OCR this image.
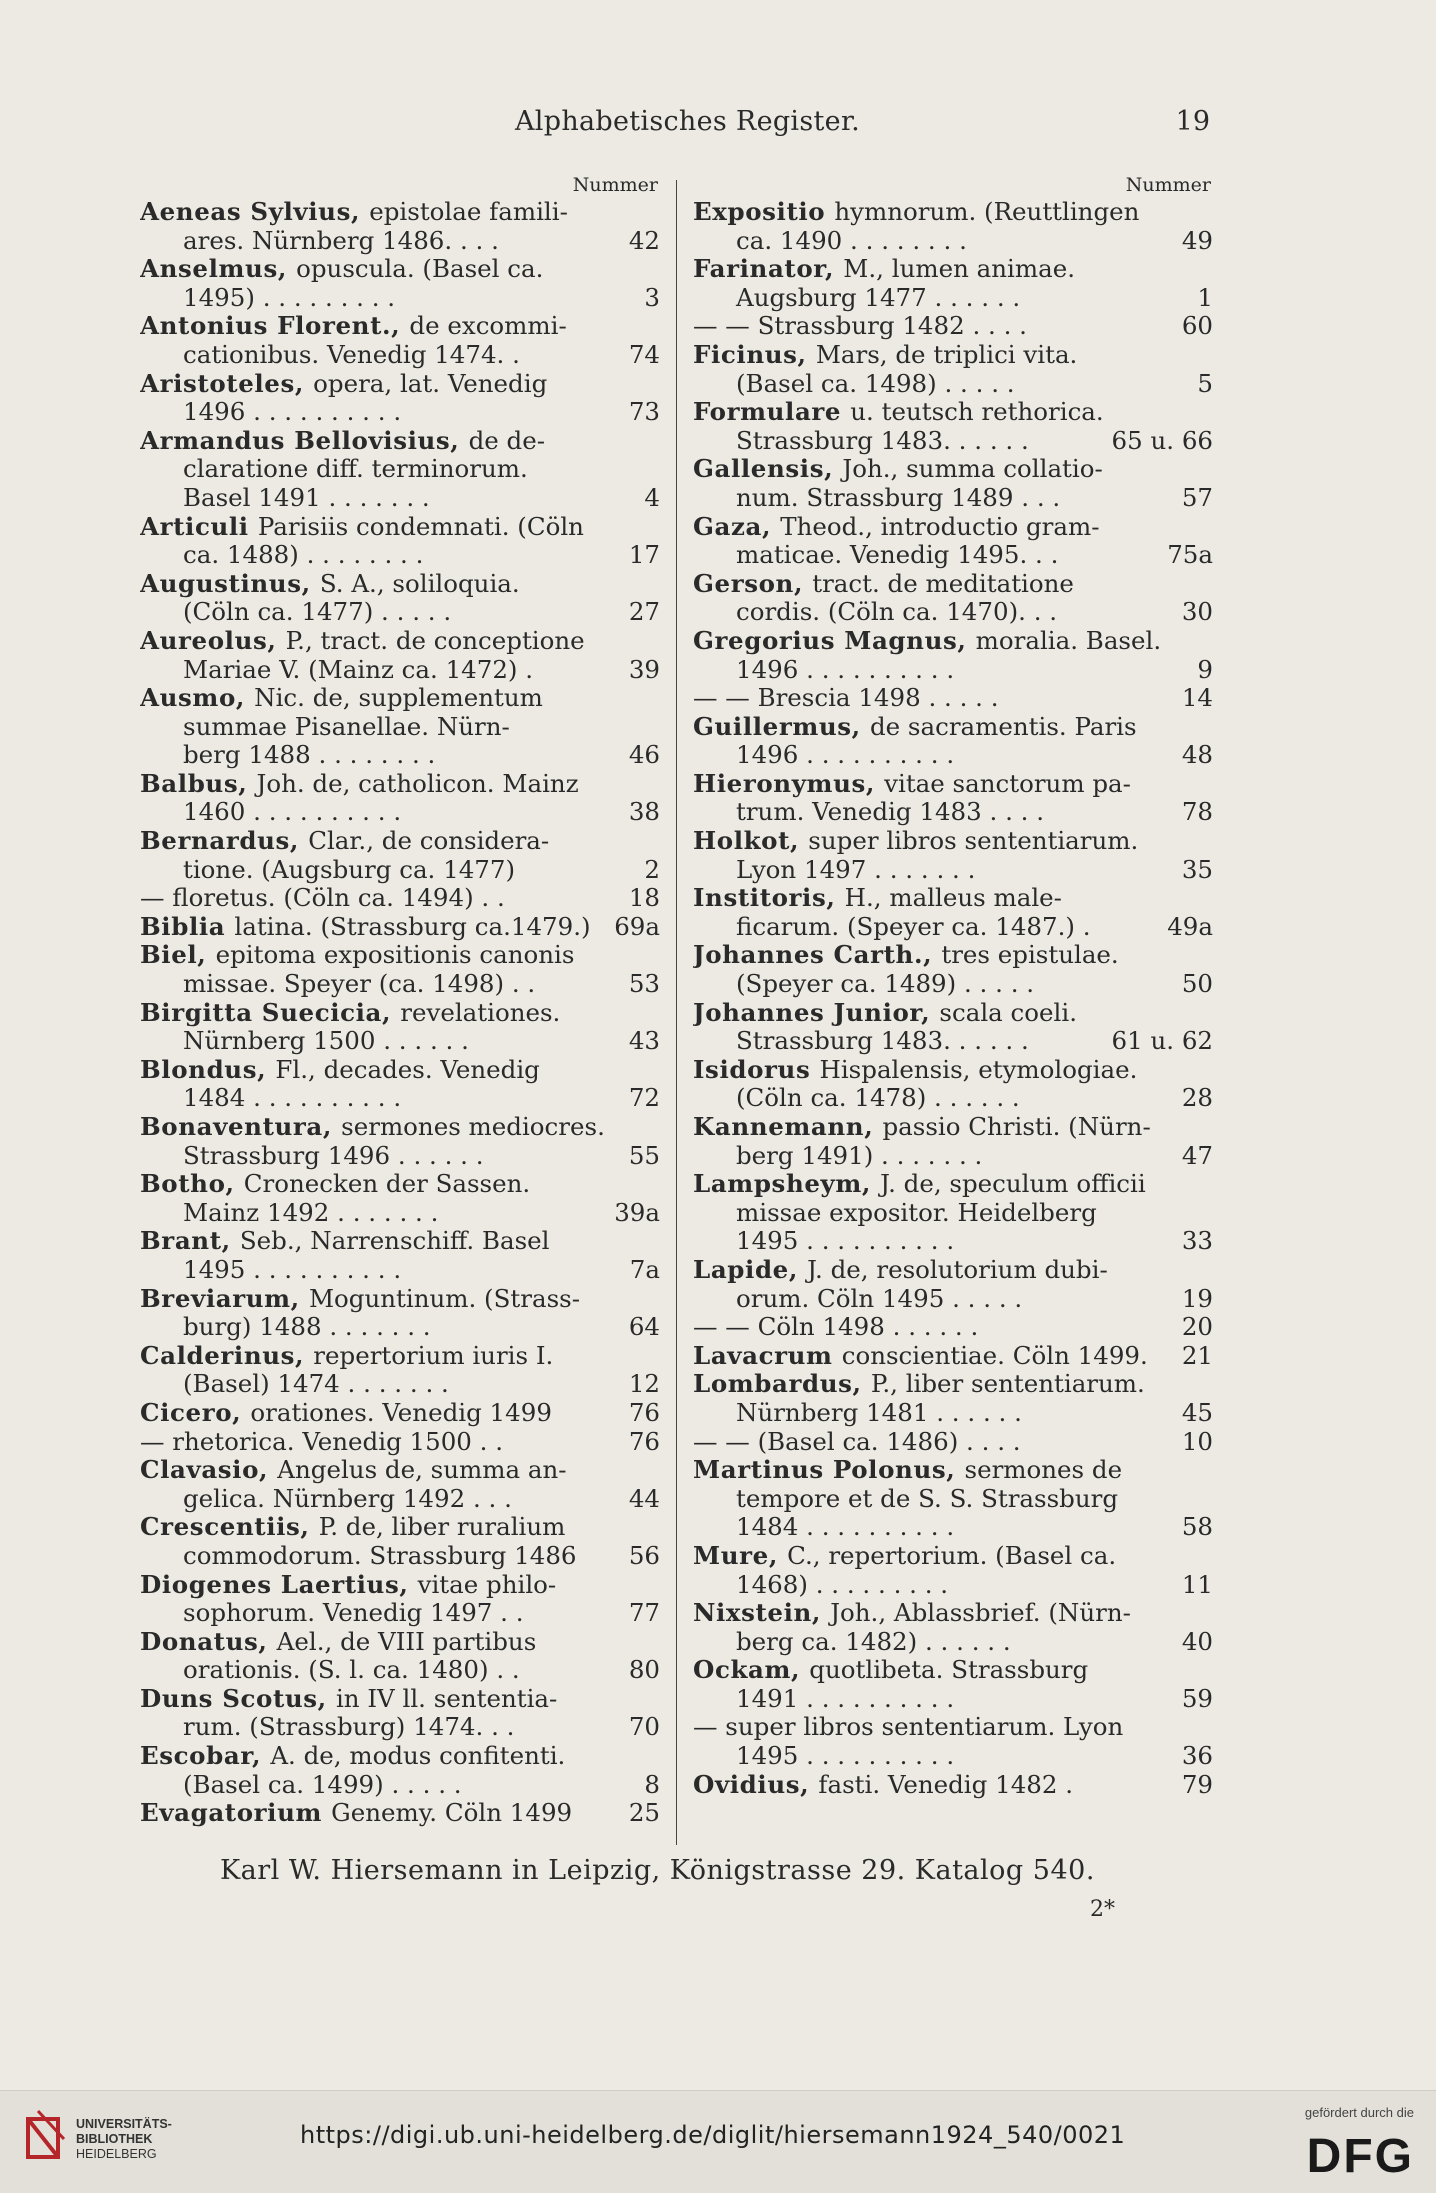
Alphabetisches Register.	19
Nummer
Aeneas Sylvius, epistolae famili-
ares. Nürnberg 1486. . . .	42
Anselmus, opuscula. (Basel ca.
1495) . . . . . . . . .	3
Antonius Florent., de excommi-
cationibus. Venedig 1474. .	74
Aristoteles, opera, lat. Venedig
1496 . . . . . . . . . .	73
Armandus Bellovisius, de de-
claratione diff. terminorum.
Basel 1491 . . . . . . .	4
Articuli Parisiis condemnati. (Cöln
ca. 1488) . . . . . . . .	17
Augustinus, S. A., soliloquia.
(Cöln ca. 1477) . . . . .	27
Aureolus, P., tract. de conceptione
Mariae V. (Mainz ca. 1472) .	39
Ausmo, Nic. de, supplementum
summae Pisanellae. Nürn-
berg 1488 . . . . . . . .	46
Balbus, Joh. de, catholicon. Mainz
1460 . . . . . . . . . .	38
Bernardus, Clar., de considera-
tione. (Augsburg ca. 1477)	2
— floretus. (Cöln ca. 1494) . .	18
Biblia latina. (Strassburg ca.1479.) 69a
Biel, epitoma expositionis canonis
missae. Speyer (ca. 1498) . .	53
Birgitta Suecicia, revelationes.
Nürnberg 1500 . . . . . .	43
Blondus, Fl., decades. Venedig
1484 . . . . . . . . . .	72
Bonaventura, sermones mediocres.
Strassburg 1496 . . . . . .	55
Botho, Cronecken der Sassen.
Mainz 1492 . . . . . . .	39a
Brant, Seb., Narrenschiff. Basel
1495 . . . . . . . . . .	7a
Breviarum, Moguntinum. (Strass-
burg) 1488 . . . . . . .	64
Calderinus, repertorium iuris I.
(Basel) 1474 . . . . . . .	12
Cicero, orationes. Venedig 1499	76
— rhetorica. Venedig 1500 . .	76
Clavasio, Angelus de, summa an-
gelica. Nürnberg 1492 . . .	44
Crescentiis, P. de, liber ruralium
commodorum. Strassburg 1486 56
Diogenes Laertius, vitae philo-
sophorum. Venedig 1497 . .	77
Donatus, Ael., de VIII partibus
orationis. (S. l. ca. 1480) . .	80
Duns Scotus, in IV ll. sententia-
rum. (Strassburg) 1474. . .	70
Escobar, A. de, modus confitenti.
(Basel ca. 1499) . . . . .	8
Evagatorium Genemy. Cöln 1499 25
Nummer
Expositio hymnorum. (Reuttlingen
ca. 1490 . . . . . . . .	49
Farinator, M., lumen animae.
Augsburg 1477 . . . . . .	1
— — Strassburg 1482 . . . .	60
Ficinus, Mars, de triplici vita.
(Basel ca. 1498) . . . . .	5
Formulare u. teutsch rethorica.
Strassburg 1483. . . . . .	65 u. 66
Gallensis, Joh., summa collatio-
num. Strassburg 1489 . . .	57
Gaza, Theod., introductio gram-
maticae. Venedig 1495. . .	75a
Gerson, tract. de meditatione
cordis. (Cöln ca. 1470). . .	30
Gregorius Magnus, moralia. Basel.
1496 . . . . . . . . . .	9
— — Brescia 1498 . . . . .	14
Guillermus, de sacramentis. Paris
1496 . . . . . . . . . .	48
Hieronymus, vitae sanctorum pa-
trum. Venedig 1483 . . . .	78
Holkot, super libros sententiarum.
Lyon 1497 . . . . . . .	35
Institoris, H., malleus male-
ficarum. (Speyer ca. 1487.) .	49a
Johannes Carth., tres epistulae.
(Speyer ca. 1489) . . . . .	50
Johannes Junior, scala coeli.
Strassburg 1483. . . . . .	61 u. 62
Isidorus Hispalensis, etymologiae.
(Cöln ca. 1478) . . . . . .	28
Kannemann, passio Christi. (Nürn-
berg 1491) . . . . . . .	47
Lampsheym, J. de, speculum officii
missae expositor. Heidelberg
1495 . . . . . . . . . .	33
Lapide, J. de, resolutorium dubi-
orum. Cöln 1495 . . . . .	19
— — Cöln 1498 . . . . . .	20
Lavacrum conscientiae. Cöln 1499. 21
Lombardus, P., liber sententiarum.
Nürnberg 1481 . . . . . .	45
— — (Basel ca. 1486) . . . .	10
Martinus Polonus, sermones de
tempore et de S. S. Strassburg
1484 . . . . . . . . . .	58
Mure, C., repertorium. (Basel ca.
1468) . . . . . . . . .	11
Nixstein, Joh., Ablassbrief. (Nürn-
berg ca. 1482) . . . . . .	40
Ockam, quotlibeta. Strassburg
1491 . . . . . . . . . .	59
— super libros sententiarum. Lyon
1495 . . . . . . . . . .	36
Ovidius, fasti. Venedig 1482 .	79
Karl W. Hiersemann in Leipzig, Königstrasse 29. Katalog 540.
2*
UNIVERSITÄTS-
BIBLIOTHEK
HEIDELBERG
https://digi.ub.uni-heidelberg.de/diglit/hiersemann1924_540/0021
gefördert durch die
DFG
